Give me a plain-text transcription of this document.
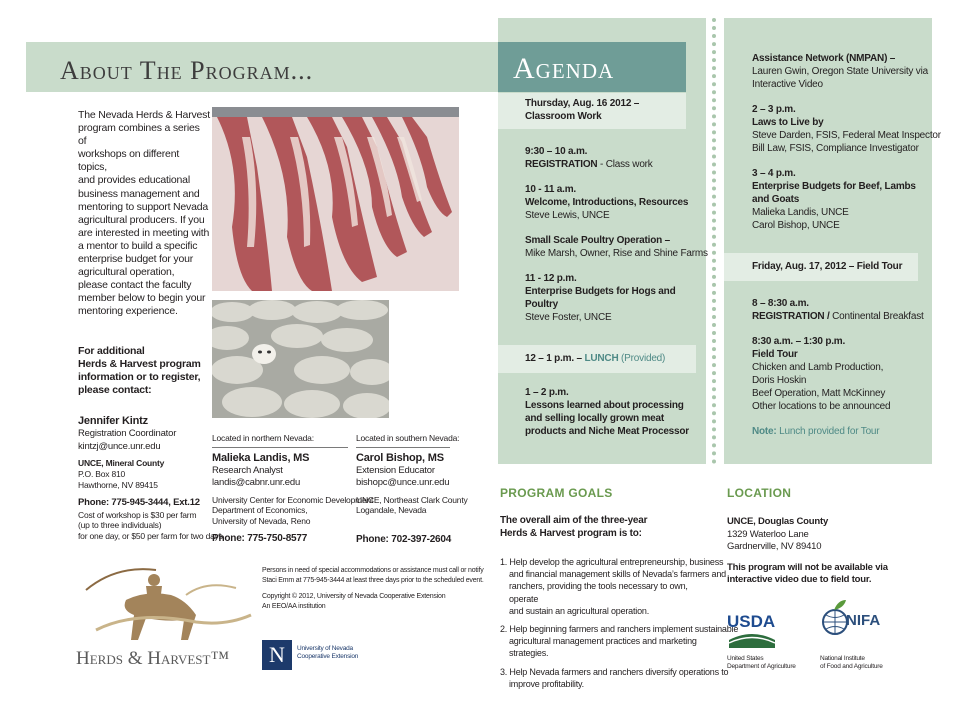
About The Program...	Agenda
The Nevada Herds & Harvest
program combines a series of
workshops on different topics,
and provides educational
business management and
mentoring to support Nevada
agricultural producers. If you
are interested in meeting with
a mentor to build a specific
enterprise budget for your
agricultural operation,
please contact the faculty
member below to begin your
mentoring experience.
For additional
Herds & Harvest program
information or to register,
please contact:
Jennifer Kintz
Registration Coordinator
kintzj@unce.unr.edu
UNCE, Mineral County
P.O. Box 810
Hawthorne, NV 89415
Phone: 775-945-3444, Ext.12
Cost of workshop is $30 per farm
(up to three individuals)
for one day, or $50 per farm for two days
Located in northern Nevada:
Malieka Landis, MS
Research Analyst
landis@cabnr.unr.edu
University Center for Economic Development
Department of Economics,
University of Nevada, Reno
Phone: 775-750-8577
Located in southern Nevada:
Carol Bishop, MS
Extension Educator
bishopc@unce.unr.edu
UNCE, Northeast Clark County
Logandale, Nevada
Phone: 702-397-2604
Herds & Harvest™
Persons in need of special accommodations or assistance must call or notify
Staci Emm at 775-945-3444 at least three days prior to the scheduled event.
Copyright © 2012, University of Nevada Cooperative Extension
An EEO/AA institution
N	University of Nevada
Cooperative Extension
Thursday, Aug. 16 2012 –
Classroom Work
9:30 – 10 a.m.
REGISTRATION - Class work
10 - 11 a.m.
Welcome, Introductions, Resources
Steve Lewis, UNCE
Small Scale Poultry Operation –
Mike Marsh, Owner, Rise and Shine Farms
11 - 12 p.m.
Enterprise Budgets for Hogs and
Poultry
Steve Foster, UNCE
12 – 1 p.m. – LUNCH (Provided)
1 – 2 p.m.
Lessons learned about processing
and selling locally grown meat
products and Niche Meat Processor
Assistance Network (NMPAN) –
Lauren Gwin, Oregon State University via
Interactive Video
2 – 3 p.m.
Laws to Live by
Steve Darden, FSIS, Federal Meat Inspector
Bill Law, FSIS, Compliance Investigator
3 – 4 p.m.
Enterprise Budgets for Beef, Lambs
and Goats
Malieka Landis, UNCE
Carol Bishop, UNCE
Friday, Aug. 17, 2012 – Field Tour
8 – 8:30 a.m.
REGISTRATION / Continental Breakfast
8:30 a.m. – 1:30 p.m.
Field Tour
Chicken and Lamb Production,
Doris Hoskin
Beef Operation, Matt McKinney
Other locations to be announced
Note: Lunch provided for Tour
PROGRAM GOALS
The overall aim of the three-year
Herds & Harvest program is to:
1. Help develop the agricultural entrepreneurship, business
and financial management skills of Nevada’s farmers and
ranchers, providing the tools necessary to own, operate
and sustain an agricultural operation.
2. Help beginning farmers and ranchers implement sustainable
agricultural management practices and marketing
strategies.
3. Help Nevada farmers and ranchers diversify operations to
improve profitability.
LOCATION
UNCE, Douglas County
1329 Waterloo Lane
Gardnerville, NV 89410
This program will not be available via
interactive video due to field tour.
USDA
United States
Department of Agriculture
NIFA
National Institute
of Food and Agriculture
